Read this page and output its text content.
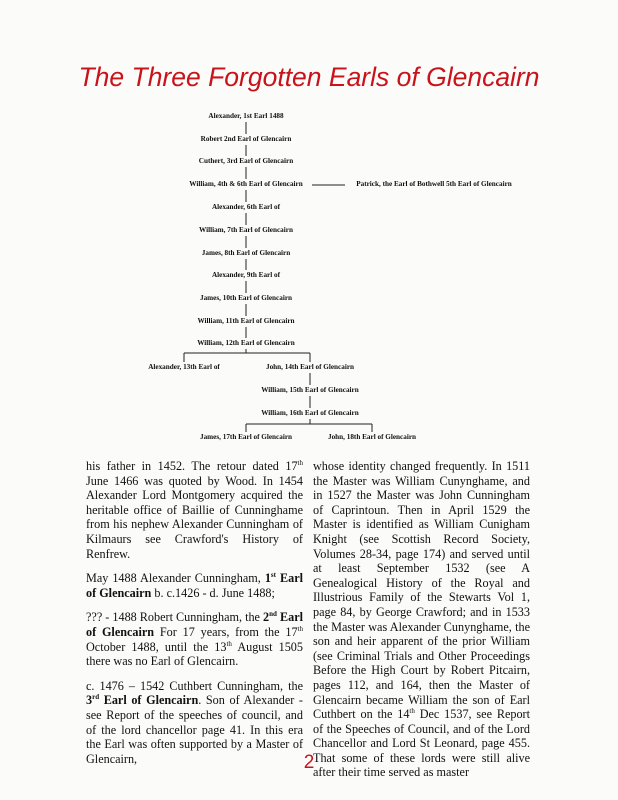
The Three Forgotten Earls of Glencairn
Alexander, 1st Earl 1488
Robert 2nd Earl of Glencairn
Cuthert, 3rd Earl of Glencairn
William, 4th & 6th Earl of Glencairn
Alexander, 6th Earl of
William, 7th Earl of Glencairn
James, 8th Earl of Glencairn
Alexander, 9th Earl of
James, 10th Earl of Glencairn
William, 11th Earl of Glencairn
William, 12th Earl of Glencairn
Patrick, the Earl of Bothwell 5th Earl of Glencairn
Alexander, 13th Earl of	John, 14th Earl of Glencairn
William, 15th Earl of Glencairn
William, 16th Earl of Glencairn
James, 17th Earl of Glencairn	John, 18th Earl of Glencairn

his father in 1452. The retour dated 17th June 1466 was quoted by Wood. In 1454 Alexander Lord Montgomery acquired the heritable office of Baillie of Cunninghame from his nephew Alexander Cunningham of Kilmaurs see Crawford's History of Renfrew.

May 1488 Alexander Cunningham, 1st Earl of Glencairn b. c.1426 - d. June 1488;

??? - 1488 Robert Cunningham, the 2nd Earl of Glencairn For 17 years, from the 17th October 1488, until the 13th August 1505 there was no Earl of Glencairn.

c. 1476 – 1542 Cuthbert Cunningham, the 3rd Earl of Glencairn. Son of Alexander - see Report of the speeches of council, and of the lord chancellor page 41. In this era the Earl was often supported by a Master of Glencairn,

whose identity changed frequently. In 1511 the Master was William Cunynghame, and in 1527 the Master was John Cunningham of Caprintoun. Then in April 1529 the Master is identified as William Cunigham Knight (see Scottish Record Society, Volumes 28-34, page 174) and served until at least September 1532 (see A Genealogical History of the Royal and Illustrious Family of the Stewarts Vol 1, page 84, by George Crawford; and in 1533 the Master was Alexander Cunynghame, the son and heir apparent of the prior William (see Criminal Trials and Other Proceedings Before the High Court by Robert Pitcairn, pages 112, and 164, then the Master of Glencairn became William the son of Earl Cuthbert on the 14th Dec 1537, see Report of the Speeches of Council, and of the Lord Chancellor and Lord St Leonard, page 455. That some of these lords were still alive after their time served as master

2
